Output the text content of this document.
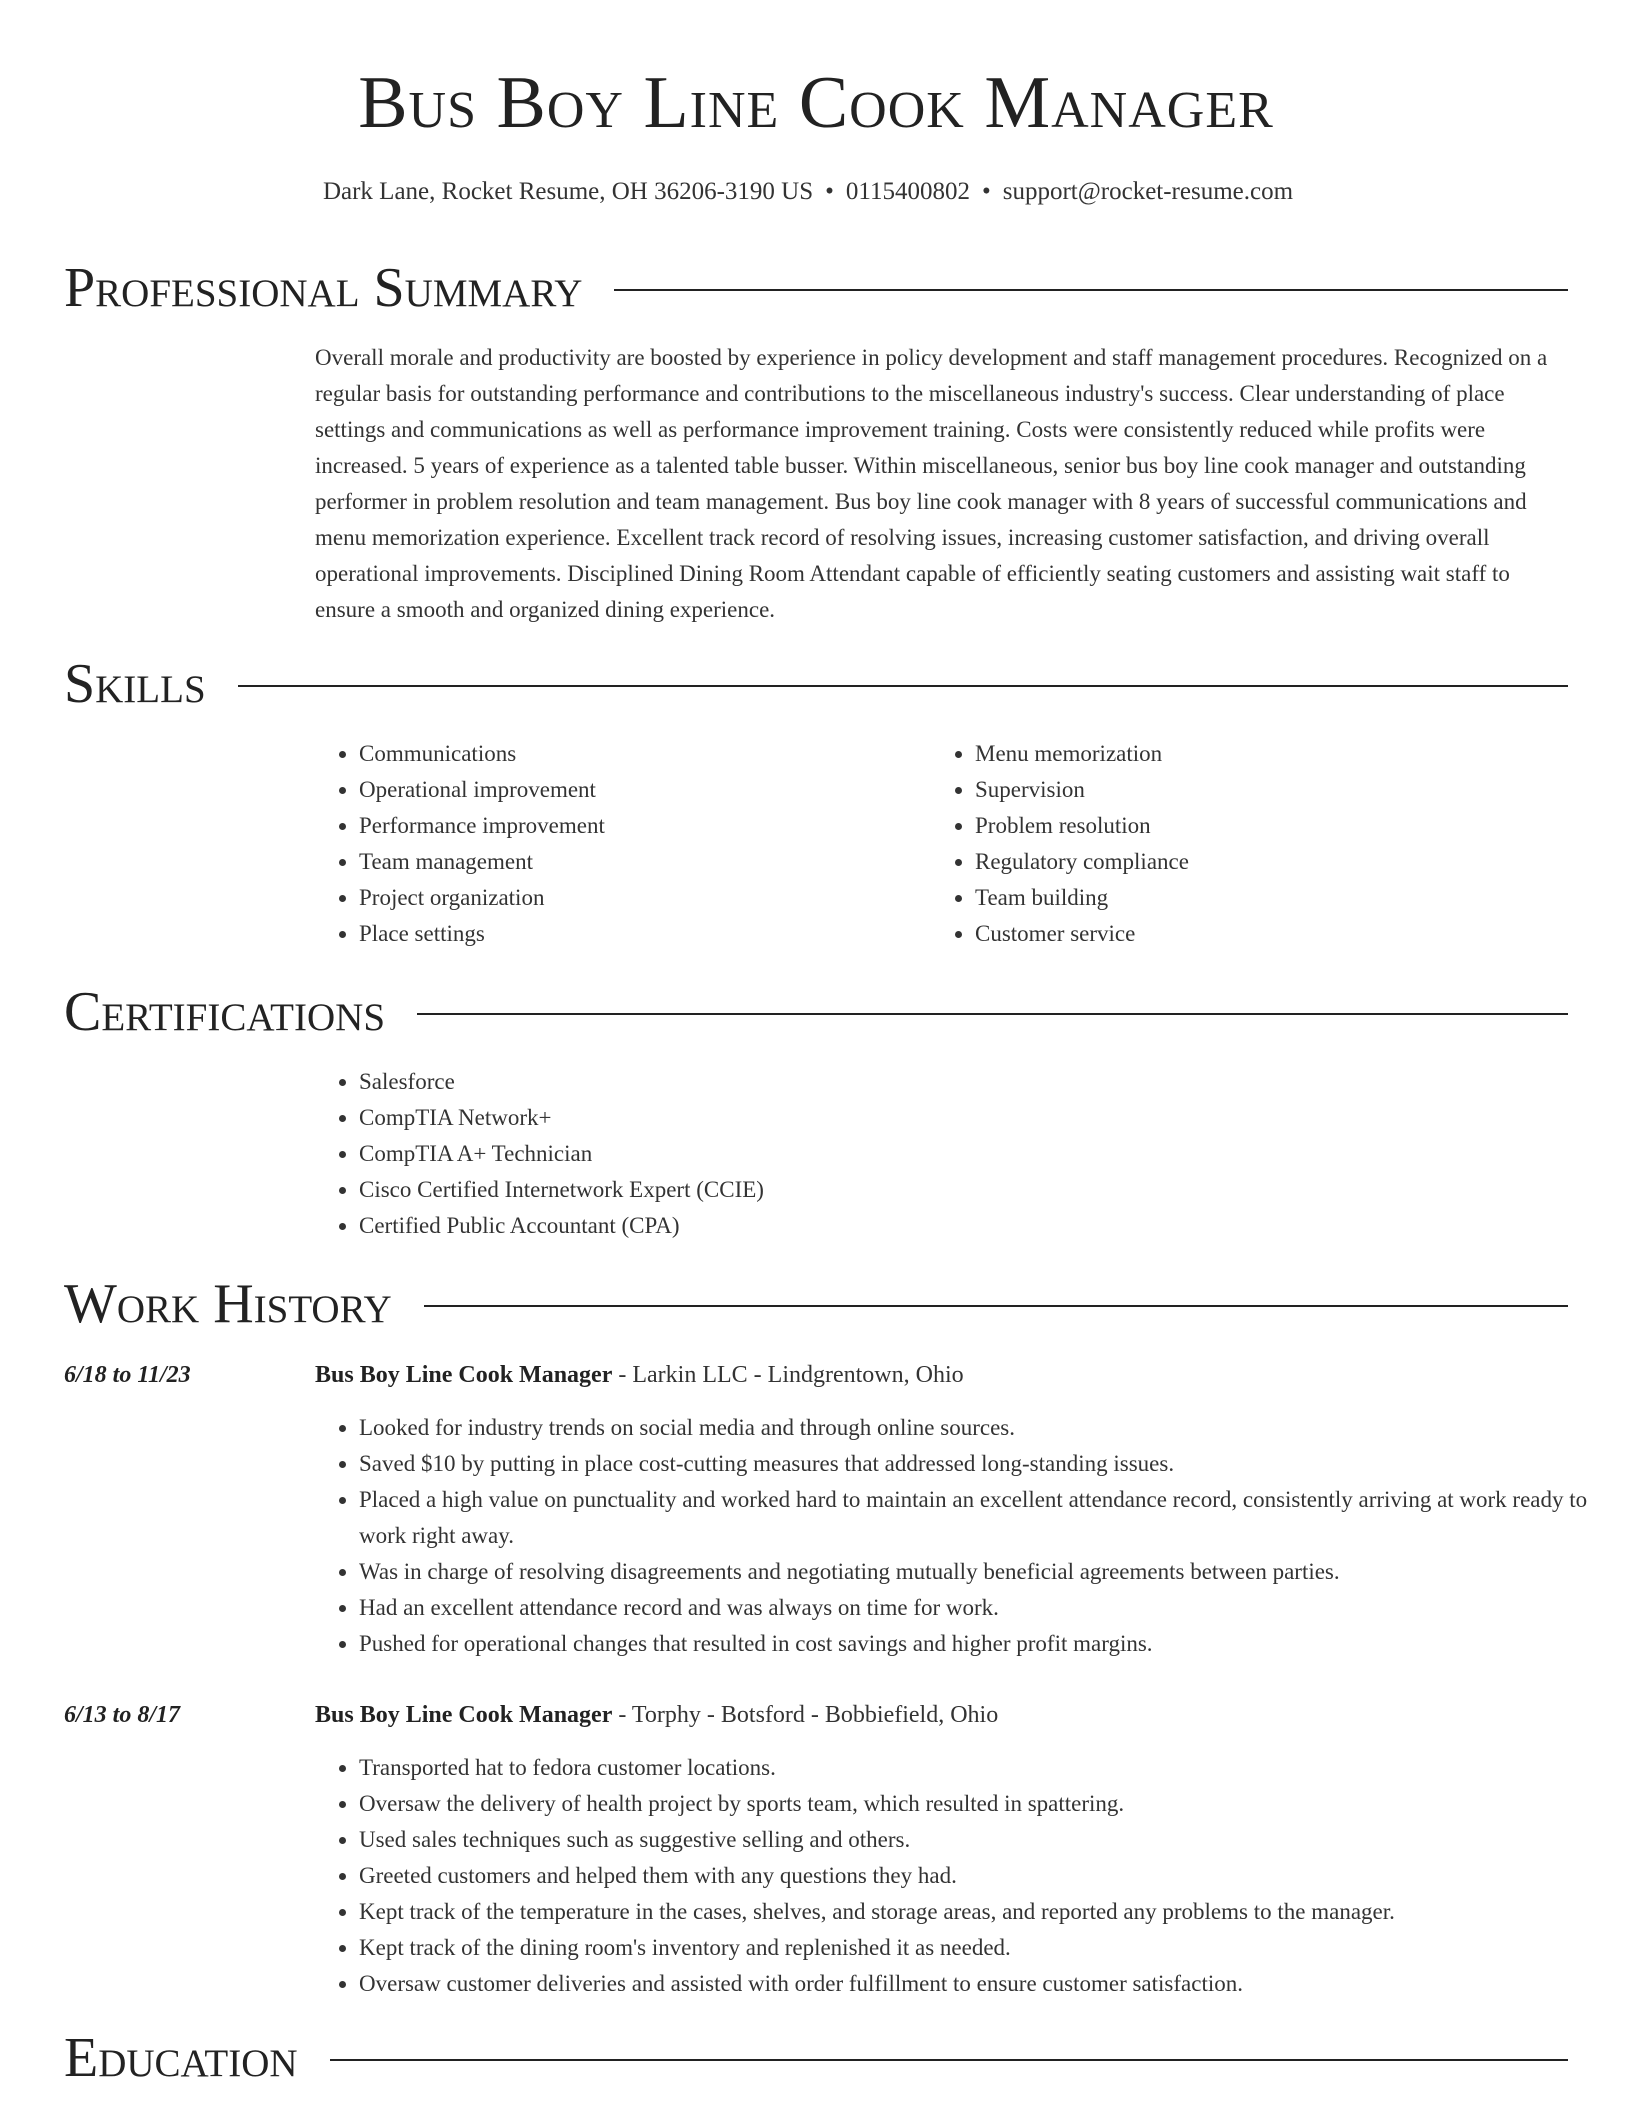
Bus Boy Line Cook Manager
Dark Lane, Rocket Resume, OH 36206-3190 US • 0115400802 • support@rocket-resume.com
Professional Summary

Overall morale and productivity are boosted by experience in policy development and staff management procedures. Recognized on a regular basis for outstanding performance and contributions to the miscellaneous industry's success. Clear understanding of place settings and communications as well as performance improvement training. Costs were consistently reduced while profits were increased. 5 years of experience as a talented table busser. Within miscellaneous, senior bus boy line cook manager and outstanding performer in problem resolution and team management. Bus boy line cook manager with 8 years of successful communications and menu memorization experience. Excellent track record of resolving issues, increasing customer satisfaction, and driving overall operational improvements. Disciplined Dining Room Attendant capable of efficiently seating customers and assisting wait staff to ensure a smooth and organized dining experience.

Skills
• Communications
• Operational improvement
• Performance improvement
• Team management
• Project organization
• Place settings
• Menu memorization
• Supervision
• Problem resolution
• Regulatory compliance
• Team building
• Customer service
Certifications
• Salesforce
• CompTIA Network+
• CompTIA A+ Technician
• Cisco Certified Internetwork Expert (CCIE)
• Certified Public Accountant (CPA)
Work History
6/18 to 11/23	Bus Boy Line Cook Manager - Larkin LLC - Lindgrentown, Ohio
• Looked for industry trends on social media and through online sources.
• Saved $10 by putting in place cost-cutting measures that addressed long-standing issues.
• Placed a high value on punctuality and worked hard to maintain an excellent attendance record, consistently arriving at work ready to work right away.
• Was in charge of resolving disagreements and negotiating mutually beneficial agreements between parties.
• Had an excellent attendance record and was always on time for work.
• Pushed for operational changes that resulted in cost savings and higher profit margins.
6/13 to 8/17	Bus Boy Line Cook Manager - Torphy - Botsford - Bobbiefield, Ohio
• Transported hat to fedora customer locations.
• Oversaw the delivery of health project by sports team, which resulted in spattering.
• Used sales techniques such as suggestive selling and others.
• Greeted customers and helped them with any questions they had.
• Kept track of the temperature in the cases, shelves, and storage areas, and reported any problems to the manager.
• Kept track of the dining room's inventory and replenished it as needed.
• Oversaw customer deliveries and assisted with order fulfillment to ensure customer satisfaction.
Education
